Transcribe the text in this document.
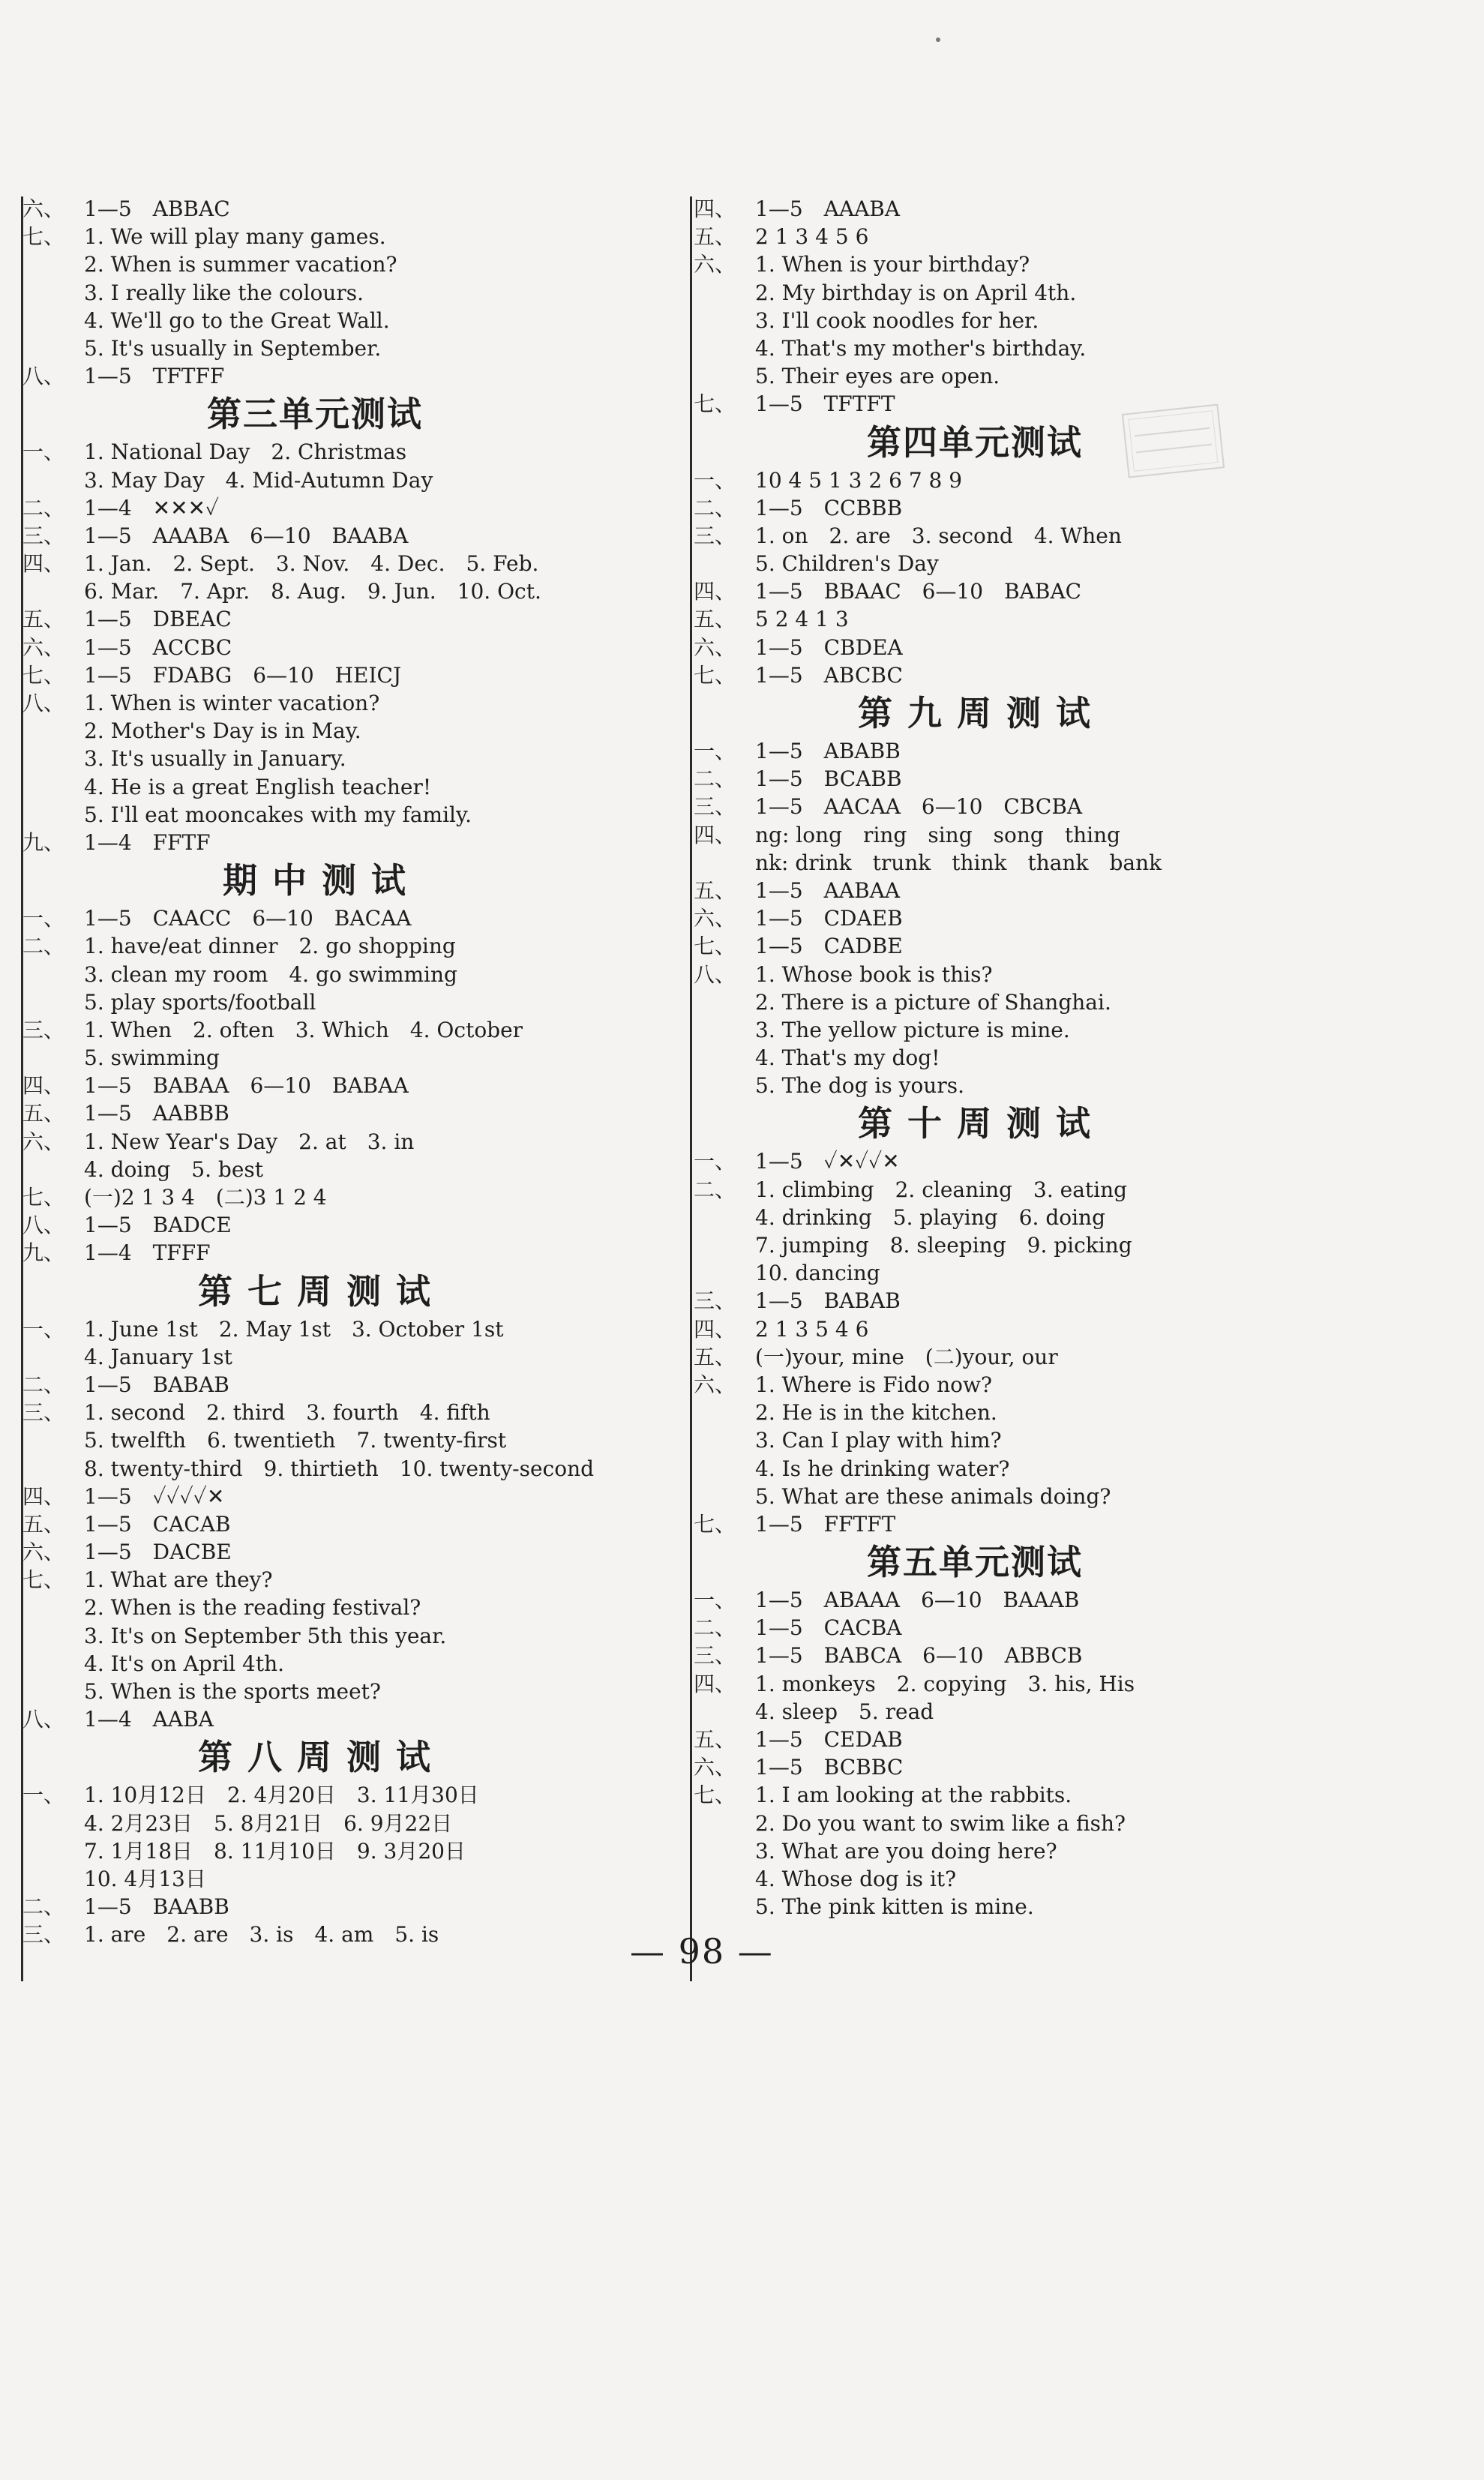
六、 1—5　ABBAC
七、 1. We will play many games.
2. When is summer vacation?
3. I really like the colours.
4. We'll go to the Great Wall.
5. It's usually in September.
八、 1—5　TFTFF
第三单元测试
一、 1. National Day　2. Christmas
3. May Day　4. Mid-Autumn Day
二、 1—4　✕✕✕✓
三、 1—5　AAABA　6—10　BAABA
四、 1. Jan.　2. Sept.　3. Nov.　4. Dec.　5. Feb.
6. Mar.　7. Apr.　8. Aug.　9. Jun.　10. Oct.
五、 1—5　DBEAC
六、 1—5　ACCBC
七、 1—5　FDABG　6—10　HEICJ
八、 1. When is winter vacation?
2. Mother's Day is in May.
3. It's usually in January.
4. He is a great English teacher!
5. I'll eat mooncakes with my family.
九、 1—4　FFTF
期 中 测 试
一、 1—5　CAACC　6—10　BACAA
二、 1. have/eat dinner　2. go shopping
3. clean my room　4. go swimming
5. play sports/football
三、 1. When　2. often　3. Which　4. October
5. swimming
四、 1—5　BABAA　6—10　BABAA
五、 1—5　AABBB
六、 1. New Year's Day　2. at　3. in
4. doing　5. best
七、 (一)2 1 3 4　(二)3 1 2 4
八、 1—5　BADCE
九、 1—4　TFFF
第 七 周 测 试
一、 1. June 1st　2. May 1st　3. October 1st
4. January 1st
二、 1—5　BABAB
三、 1. second　2. third　3. fourth　4. fifth
5. twelfth　6. twentieth　7. twenty-first
8. twenty-third　9. thirtieth　10. twenty-second
四、 1—5　✓✓✓✓✕
五、 1—5　CACAB
六、 1—5　DACBE
七、 1. What are they?
2. When is the reading festival?
3. It's on September 5th this year.
4. It's on April 4th.
5. When is the sports meet?
八、 1—4　AABA
第 八 周 测 试
一、 1. 10月12日　2. 4月20日　3. 11月30日
4. 2月23日　5. 8月21日　6. 9月22日
7. 1月18日　8. 11月10日　9. 3月20日
10. 4月13日
二、 1—5　BAABB
三、 1. are　2. are　3. is　4. am　5. is
四、 1—5　AAABA
五、 2 1 3 4 5 6
六、 1. When is your birthday?
2. My birthday is on April 4th.
3. I'll cook noodles for her.
4. That's my mother's birthday.
5. Their eyes are open.
七、 1—5　TFTFT
第四单元测试
一、 10 4 5 1 3 2 6 7 8 9
二、 1—5　CCBBB
三、 1. on　2. are　3. second　4. When
5. Children's Day
四、 1—5　BBAAC　6—10　BABAC
五、 5 2 4 1 3
六、 1—5　CBDEA
七、 1—5　ABCBC
第 九 周 测 试
一、 1—5　ABABB
二、 1—5　BCABB
三、 1—5　AACAA　6—10　CBCBA
四、 ng: long　ring　sing　song　thing
nk: drink　trunk　think　thank　bank
五、 1—5　AABAA
六、 1—5　CDAEB
七、 1—5　CADBE
八、 1. Whose book is this?
2. There is a picture of Shanghai.
3. The yellow picture is mine.
4. That's my dog!
5. The dog is yours.
第 十 周 测 试
一、 1—5　✓✕✓✓✕
二、 1. climbing　2. cleaning　3. eating
4. drinking　5. playing　6. doing
7. jumping　8. sleeping　9. picking
10. dancing
三、 1—5　BABAB
四、 2 1 3 5 4 6
五、 (一)your, mine　(二)your, our
六、 1. Where is Fido now?
2. He is in the kitchen.
3. Can I play with him?
4. Is he drinking water?
5. What are these animals doing?
七、 1—5　FFTFT
第五单元测试
一、 1—5　ABAAA　6—10　BAAAB
二、 1—5　CACBA
三、 1—5　BABCA　6—10　ABBCB
四、 1. monkeys　2. copying　3. his, His
4. sleep　5. read
五、 1—5　CEDAB
六、 1—5　BCBBC
七、 1. I am looking at the rabbits.
2. Do you want to swim like a fish?
3. What are you doing here?
4. Whose dog is it?
5. The pink kitten is mine.
— 98 —
